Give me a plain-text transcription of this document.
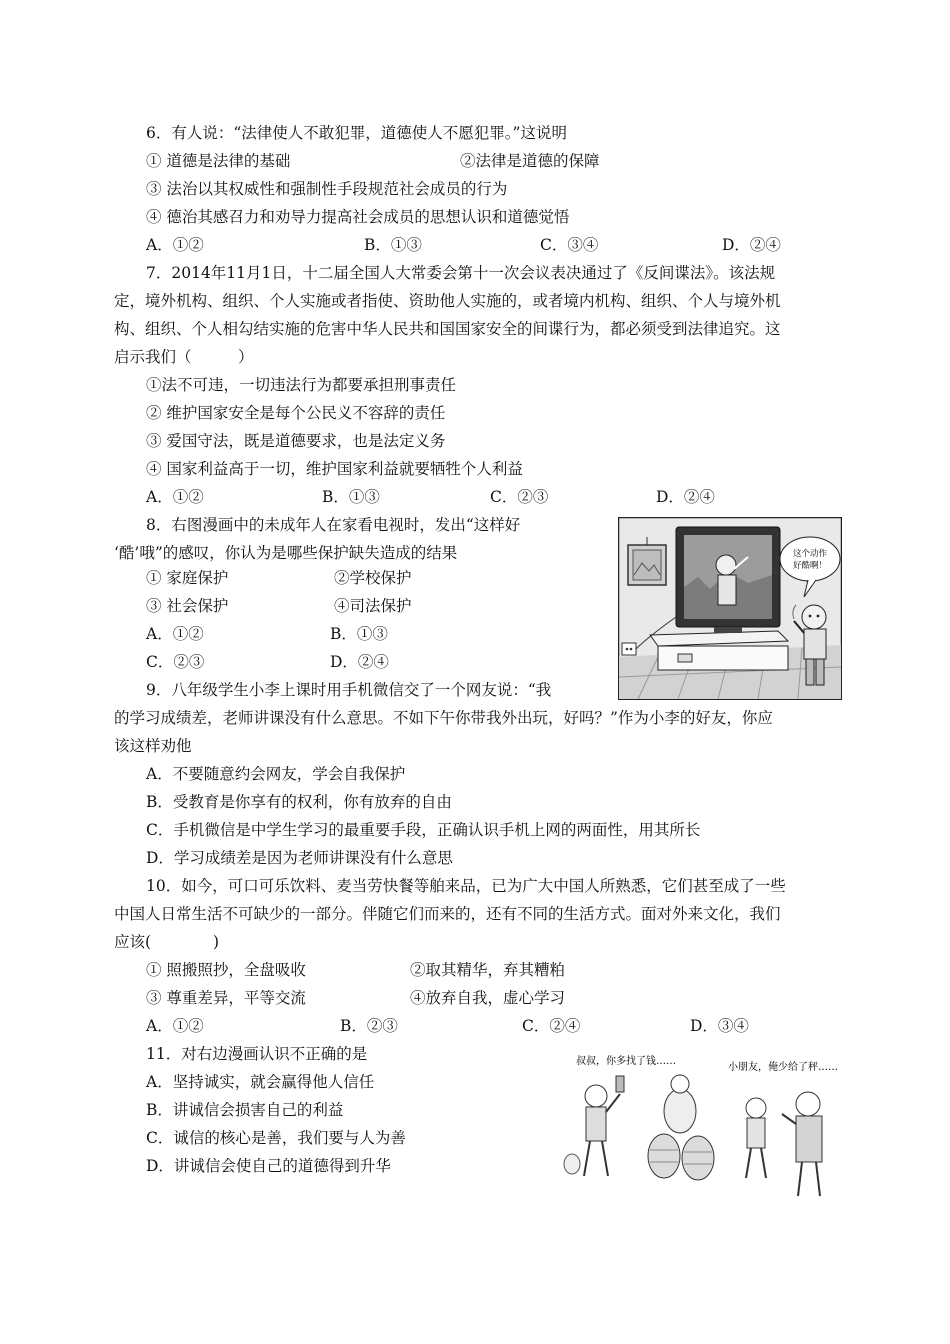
6．有人说：“法律使人不敢犯罪，道德使人不愿犯罪。”这说明
① 道德是法律的基础	②法律是道德的保障
③ 法治以其权威性和强制性手段规范社会成员的行为
④ 德治其感召力和劝导力提高社会成员的思想认识和道德觉悟
A．①②	B．①③	C．③④	D．②④
7．2014年11月1日，十二届全国人大常委会第十一次会议表决通过了《反间谍法》。该法规
定，境外机构、组织、个人实施或者指使、资助他人实施的，或者境内机构、组织、个人与境外机
构、组织、个人相勾结实施的危害中华人民共和国国家安全的间谍行为，都必须受到法律追究。这
启示我们（　　　）
①法不可违，一切违法行为都要承担刑事责任
② 维护国家安全是每个公民义不容辞的责任
③ 爱国守法，既是道德要求，也是法定义务
④ 国家利益高于一切，维护国家利益就要牺牲个人利益
A．①②	B．①③	C．②③	D．②④
8．右图漫画中的未成年人在家看电视时，发出“这样好
‘酷’哦”的感叹，你认为是哪些保护缺失造成的结果
① 家庭保护	②学校保护
③ 社会保护	④司法保护
A．①②	B．①③
C．②③	D．②④
这个动作
好酷啊！
9．八年级学生小李上课时用手机微信交了一个网友说：“我
的学习成绩差，老师讲课没有什么意思。不如下午你带我外出玩，好吗？”作为小李的好友，你应
该这样劝他
A．不要随意约会网友，学会自我保护
B．受教育是你享有的权利，你有放弃的自由
C．手机微信是中学生学习的最重要手段，正确认识手机上网的两面性，用其所长
D．学习成绩差是因为老师讲课没有什么意思
10．如今，可口可乐饮料、麦当劳快餐等舶来品，已为广大中国人所熟悉，它们甚至成了一些
中国人日常生活不可缺少的一部分。伴随它们而来的，还有不同的生活方式。面对外来文化，我们
应该(　　　　)
① 照搬照抄，全盘吸收	②取其精华，弃其糟粕
③ 尊重差异，平等交流	④放弃自我，虚心学习
A．①②	B．②③	C．②④	D．③④
11．对右边漫画认识不正确的是
A．坚持诚实，就会赢得他人信任
B．讲诚信会损害自己的利益
C．诚信的核心是善，我们要与人为善
D．讲诚信会使自己的道德得到升华
叔叔，你多找了钱……
小朋友，俺少给了秤……
